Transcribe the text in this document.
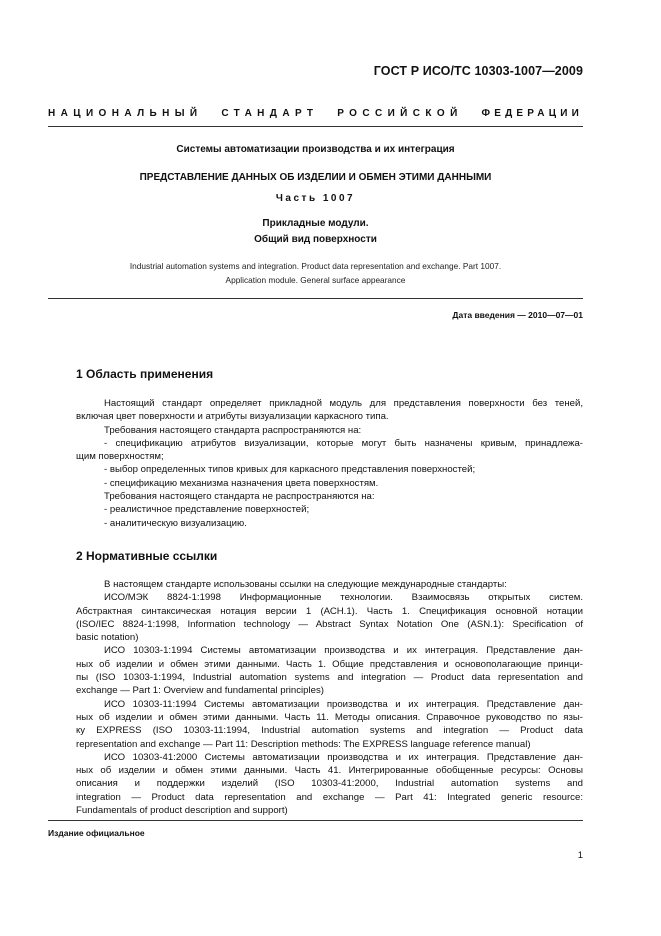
ГОСТ Р ИСО/ТС 10303-1007—2009
НАЦИОНАЛЬНЫЙ СТАНДАРТ РОССИЙСКОЙ ФЕДЕРАЦИИ
Системы автоматизации производства и их интеграция
ПРЕДСТАВЛЕНИЕ ДАННЫХ ОБ ИЗДЕЛИИ И ОБМЕН ЭТИМИ ДАННЫМИ
Часть 1007
Прикладные модули.
Общий вид поверхности
Industrial automation systems and integration. Product data representation and exchange. Part 1007.
Application module. General surface appearance
Дата введения — 2010—07—01
1 Область применения

Настоящий стандарт определяет прикладной модуль для представления поверхности без теней,

включая цвет поверхности и атрибуты визуализации каркасного типа.

Требования настоящего стандарта распространяются на:

- спецификацию атрибутов визуализации, которые могут быть назначены кривым, принадлежа-

щим поверхностям;

- выбор определенных типов кривых для каркасного представления поверхностей;

- спецификацию механизма назначения цвета поверхностям.

Требования настоящего стандарта не распространяются на:

- реалистичное представление поверхностей;

- аналитическую визуализацию.

2 Нормативные ссылки

В настоящем стандарте использованы ссылки на следующие международные стандарты:

ИСО/МЭК 8824-1:1998 Информационные технологии. Взаимосвязь открытых систем.

Абстрактная синтаксическая нотация версии 1 (АСН.1). Часть 1. Спецификация основной нотации

(ISO/IEC 8824-1:1998, Information technology — Abstract Syntax Notation One (ASN.1): Specification of

basic notation)

ИСО 10303-1:1994 Системы автоматизации производства и их интеграция. Представление дан-

ных об изделии и обмен этими данными. Часть 1. Общие представления и основополагающие принци-

пы (ISO 10303-1:1994, Industrial automation systems and integration — Product data representation and

exchange — Part 1: Overview and fundamental principles)

ИСО 10303-11:1994 Системы автоматизации производства и их интеграция. Представление дан-

ных об изделии и обмен этими данными. Часть 11. Методы описания. Справочное руководство по язы-

ку EXPRESS (ISO 10303-11:1994, Industrial automation systems and integration — Product data

representation and exchange — Part 11: Description methods: The EXPRESS language reference manual)

ИСО 10303-41:2000 Системы автоматизации производства и их интеграция. Представление дан-

ных об изделии и обмен этими данными. Часть 41. Интегрированные обобщенные ресурсы: Основы

описания и поддержки изделий (ISO 10303-41:2000, Industrial automation systems and

integration — Product data representation and exchange — Part 41: Integrated generic resource:

Fundamentals of product description and support)

Издание официальное
1
